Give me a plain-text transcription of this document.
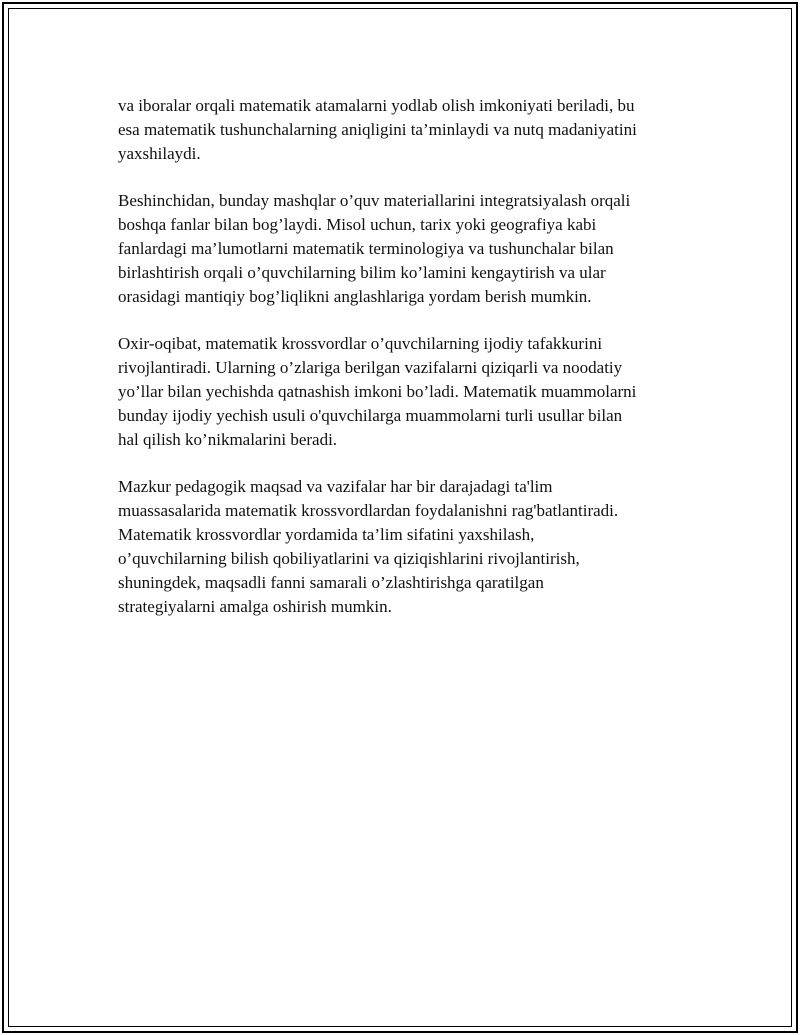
va iboralar orqali matematik atamalarni yodlab olish imkoniyati beriladi, bu
esa matematik tushunchalarning aniqligini ta’minlaydi va nutq madaniyatini
yaxshilaydi.

Beshinchidan, bunday mashqlar o’quv materiallarini integratsiyalash orqali
boshqa fanlar bilan bog’laydi. Misol uchun, tarix yoki geografiya kabi
fanlardagi ma’lumotlarni matematik terminologiya va tushunchalar bilan
birlashtirish orqali o’quvchilarning bilim ko’lamini kengaytirish va ular
orasidagi mantiqiy bog’liqlikni anglashlariga yordam berish mumkin.

Oxir-oqibat, matematik krossvordlar o’quvchilarning ijodiy tafakkurini
rivojlantiradi. Ularning o’zlariga berilgan vazifalarni qiziqarli va noodatiy
yo’llar bilan yechishda qatnashish imkoni bo’ladi. Matematik muammolarni
bunday ijodiy yechish usuli o'quvchilarga muammolarni turli usullar bilan
hal qilish ko’nikmalarini beradi.

Mazkur pedagogik maqsad va vazifalar har bir darajadagi ta'lim
muassasalarida matematik krossvordlardan foydalanishni rag'batlantiradi.
Matematik krossvordlar yordamida ta’lim sifatini yaxshilash,
o’quvchilarning bilish qobiliyatlarini va qiziqishlarini rivojlantirish,
shuningdek, maqsadli fanni samarali o’zlashtirishga qaratilgan
strategiyalarni amalga oshirish mumkin.
